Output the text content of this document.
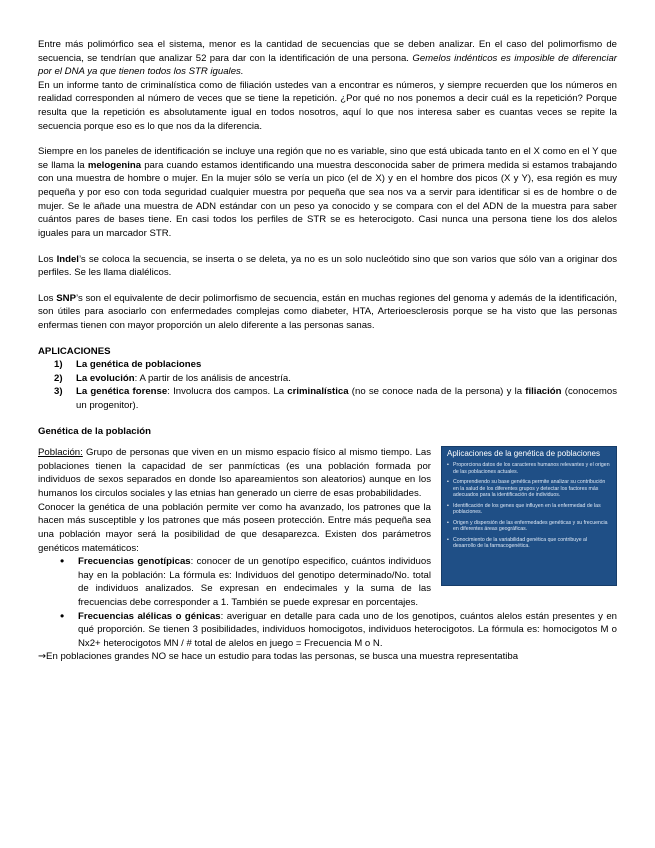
Entre más polimórfico sea el sistema, menor es la cantidad de secuencias que se deben analizar. En el caso del polimorfismo de secuencia, se tendrían que analizar 52 para dar con la identificación de una persona. Gemelos indénticos es imposible de diferenciar por el DNA ya que tienen todos los STR iguales.

En un informe tanto de criminalística como de filiación ustedes van a encontrar es números, y siempre recuerden que los números en realidad corresponden al número de veces que se tiene la repetición. ¿Por qué no nos ponemos a decir cuál es la repetición? Porque resulta que la repetición es absolutamente igual en todos nosotros, aquí lo que nos interesa saber es cuantas veces se repite la secuencia porque eso es lo que nos da la diferencia.

Siempre en los paneles de identificación se incluye una región que no es variable, sino que está ubicada tanto en el X como en el Y que se llama la melogenina para cuando estamos identificando una muestra desconocida saber de primera medida si estamos trabajando con una muestra de hombre o mujer. En la mujer sólo se vería un pico (el de X) y en el hombre dos picos (X y Y), esa región es muy pequeña y por eso con toda seguridad cualquier muestra por pequeña que sea nos va a servir para identificar si es de hombre o de mujer. Se le añade una muestra de ADN estándar con un peso ya conocido y se compara con el del ADN de la muestra para saber cuántos pares de bases tiene. En casi todos los perfiles de STR se es heterocigoto. Casi nunca una persona tiene los dos alelos iguales para un marcador STR.

Los Indel’s se coloca la secuencia, se inserta o se deleta, ya no es un solo nucleótido sino que son varios que sólo van a originar dos perfiles. Se les llama dialélicos.

Los SNP’s son el equivalente de decir polimorfismo de secuencia, están en muchas regiones del genoma y además de la identificación, son útiles para asociarlo con enfermedades complejas como diabeter, HTA, Arterioesclerosis porque se ha visto que las personas enfermas tienen con mayor proporción un alelo diferente a las personas sanas.

APLICACIONES

1)	La genética de poblaciones
2)	La evolución: A partir de los análisis de ancestría.
3)	La genética forense: Involucra dos campos. La criminalística (no se conoce nada de la persona) y la filiación (conocemos un progenitor).

Genética de la población

Aplicaciones de la genética de poblaciones
• Proporciona datos de los caracteres humanos relevantes y el origen de las poblaciones actuales.
• Comprendiendo su base genética permite analizar su contribución en la salud de los diferentes grupos y detectar los factores más adecuados para la identificación de individuos.
• Identificación de los genes que influyen en la enfermedad de las poblaciones.
• Origen y dispersión de las enfermedades genéticas y su frecuencia en diferentes áreas geográficas.
• Conocimiento de la variabilidad genética que contribuye al desarrollo de la farmacogenética.

Población: Grupo de personas que viven en un mismo espacio físico al mismo tiempo. Las poblaciones tienen la capacidad de ser panmícticas (es una población formada por individuos de sexos separados en donde lso apareamientos son aleatorios) aunque en los humanos los circulos sociales y las etnias han generado un cierre de esas probabilidades.

Conocer la genética de una población permite ver como ha avanzado, los patrones que la hacen más susceptible y los patrones que más poseen protección. Entre más pequeña sea una población mayor será la posibilidad de que desaparezca. Existen dos parámetros genéticos matemáticos:

• Frecuencias genotípicas: conocer de un genotípo especifico, cuántos individuos hay en la población: La fórmula es: Individuos del genotipo determinado/No. total de individuos analizados. Se expresan en endecimales y la suma de las frecuencias debe corresponder a 1. También se puede expresar en porcentajes.
• Frecuencias alélicas o génicas: averiguar en detalle para cada uno de los genotipos, cuántos alelos están presentes y en qué proporción. Se tienen 3 posibilidades, individuos homocigotos, individuos heterocigotos. La fórmula es: homocigotos M o Nx2+ heterocigotos MN / # total de alelos en juego = Frecuencia M o N.

→En poblaciones grandes NO se hace un estudio para todas las personas, se busca una muestra representatiba
